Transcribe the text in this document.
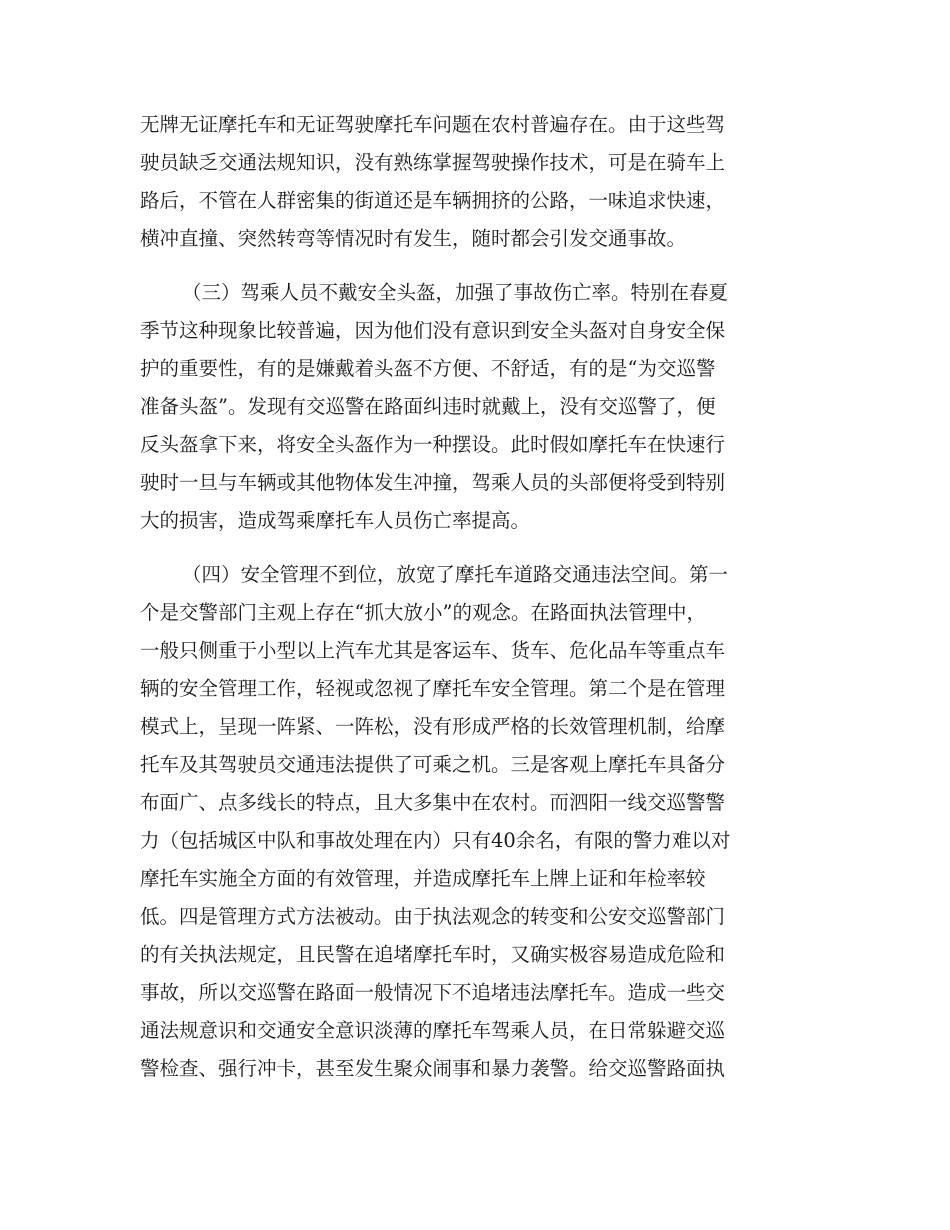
无牌无证摩托车和无证驾驶摩托车问题在农村普遍存在。由于这些驾
驶员缺乏交通法规知识，没有熟练掌握驾驶操作技术，可是在骑车上
路后，不管在人群密集的街道还是车辆拥挤的公路，一味追求快速，
横冲直撞、突然转弯等情况时有发生，随时都会引发交通事故。
（三）驾乘人员不戴安全头盔，加强了事故伤亡率。特别在春夏
季节这种现象比较普遍，因为他们没有意识到安全头盔对自身安全保
护的重要性，有的是嫌戴着头盔不方便、不舒适，有的是“为交巡警
准备头盔”。发现有交巡警在路面纠违时就戴上，没有交巡警了，便
反头盔拿下来，将安全头盔作为一种摆设。此时假如摩托车在快速行
驶时一旦与车辆或其他物体发生冲撞，驾乘人员的头部便将受到特别
大的损害，造成驾乘摩托车人员伤亡率提高。
（四）安全管理不到位，放宽了摩托车道路交通违法空间。第一
个是交警部门主观上存在“抓大放小”的观念。在路面执法管理中，
一般只侧重于小型以上汽车尤其是客运车、货车、危化品车等重点车
辆的安全管理工作，轻视或忽视了摩托车安全管理。第二个是在管理
模式上，呈现一阵紧、一阵松，没有形成严格的长效管理机制，给摩
托车及其驾驶员交通违法提供了可乘之机。三是客观上摩托车具备分
布面广、点多线长的特点，且大多集中在农村。而泗阳一线交巡警警
力（包括城区中队和事故处理在内）只有40余名，有限的警力难以对
摩托车实施全方面的有效管理，并造成摩托车上牌上证和年检率较
低。四是管理方式方法被动。由于执法观念的转变和公安交巡警部门
的有关执法规定，且民警在追堵摩托车时，又确实极容易造成危险和
事故，所以交巡警在路面一般情况下不追堵违法摩托车。造成一些交
通法规意识和交通安全意识淡薄的摩托车驾乘人员，在日常躲避交巡
警检查、强行冲卡，甚至发生聚众闹事和暴力袭警。给交巡警路面执
